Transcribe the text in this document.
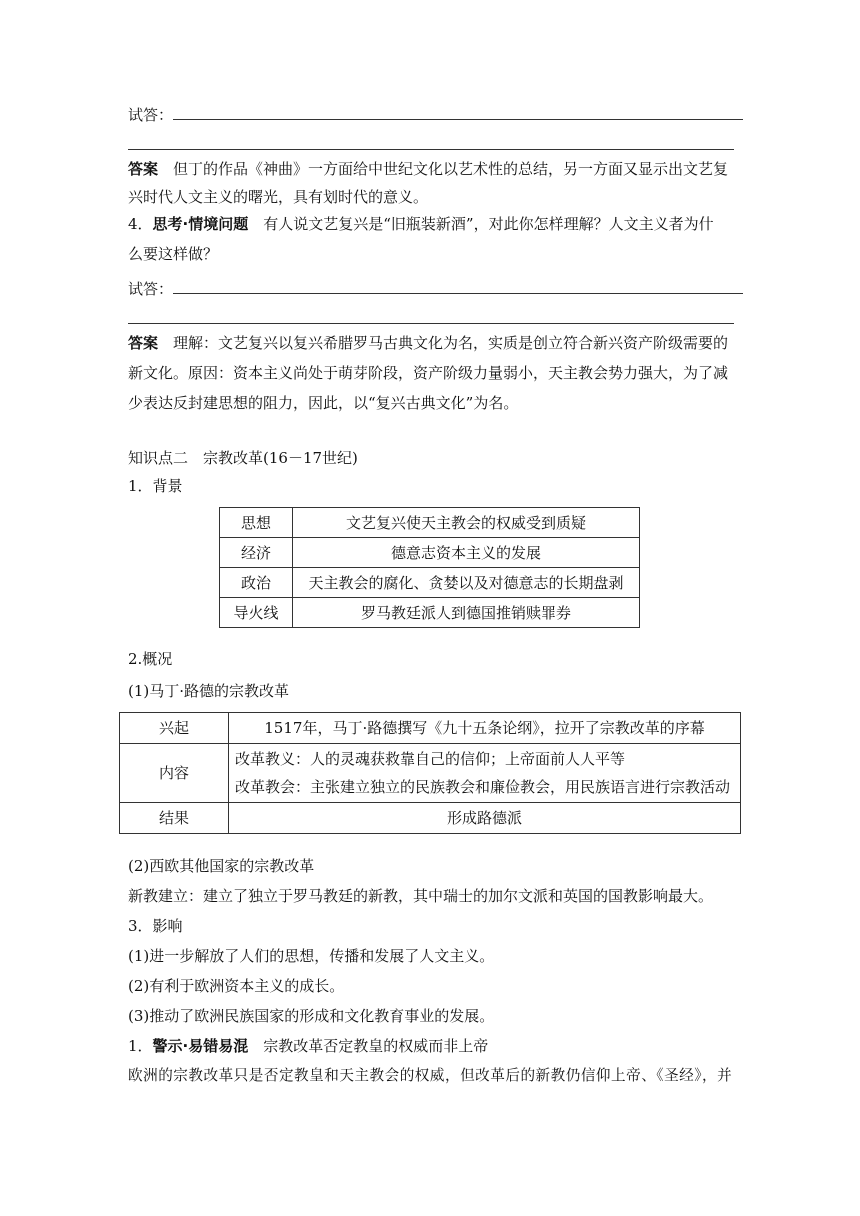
试答：
答案　 但丁的作品《神曲》一方面给中世纪文化以艺术性的总结，另一方面又显示出文艺复
兴时代人文主义的曙光，具有划时代的意义。
4．思考·情境问题　 有人说文艺复兴是“旧瓶装新酒”，对此你怎样理解？人文主义者为什
么要这样做？
试答：
答案　 理解：文艺复兴以复兴希腊罗马古典文化为名，实质是创立符合新兴资产阶级需要的
新文化。原因：资本主义尚处于萌芽阶段，资产阶级力量弱小，天主教会势力强大，为了减
少表达反封建思想的阻力，因此，以“复兴古典文化”为名。
知识点二　宗教改革(16－17世纪)
1．背景
思想	文艺复兴使天主教会的权威受到质疑
经济	德意志资本主义的发展
政治	天主教会的腐化、贪婪以及对德意志的长期盘剥
导火线	罗马教廷派人到德国推销赎罪券
2.概况
(1)马丁·路德的宗教改革
兴起	1517年，马丁·路德撰写《九十五条论纲》，拉开了宗教改革的序幕
内容	改革教义：人的灵魂获救靠自己的信仰；上帝面前人人平等
改革教会：主张建立独立的民族教会和廉俭教会，用民族语言进行宗教活动

结果	形成路德派
(2)西欧其他国家的宗教改革
新教建立：建立了独立于罗马教廷的新教，其中瑞士的加尔文派和英国的国教影响最大。
3．影响
(1)进一步解放了人们的思想，传播和发展了人文主义。
(2)有利于欧洲资本主义的成长。
(3)推动了欧洲民族国家的形成和文化教育事业的发展。
1．警示·易错易混　 宗教改革否定教皇的权威而非上帝
欧洲的宗教改革只是否定教皇和天主教会的权威，但改革后的新教仍信仰上帝、《圣经》，并
